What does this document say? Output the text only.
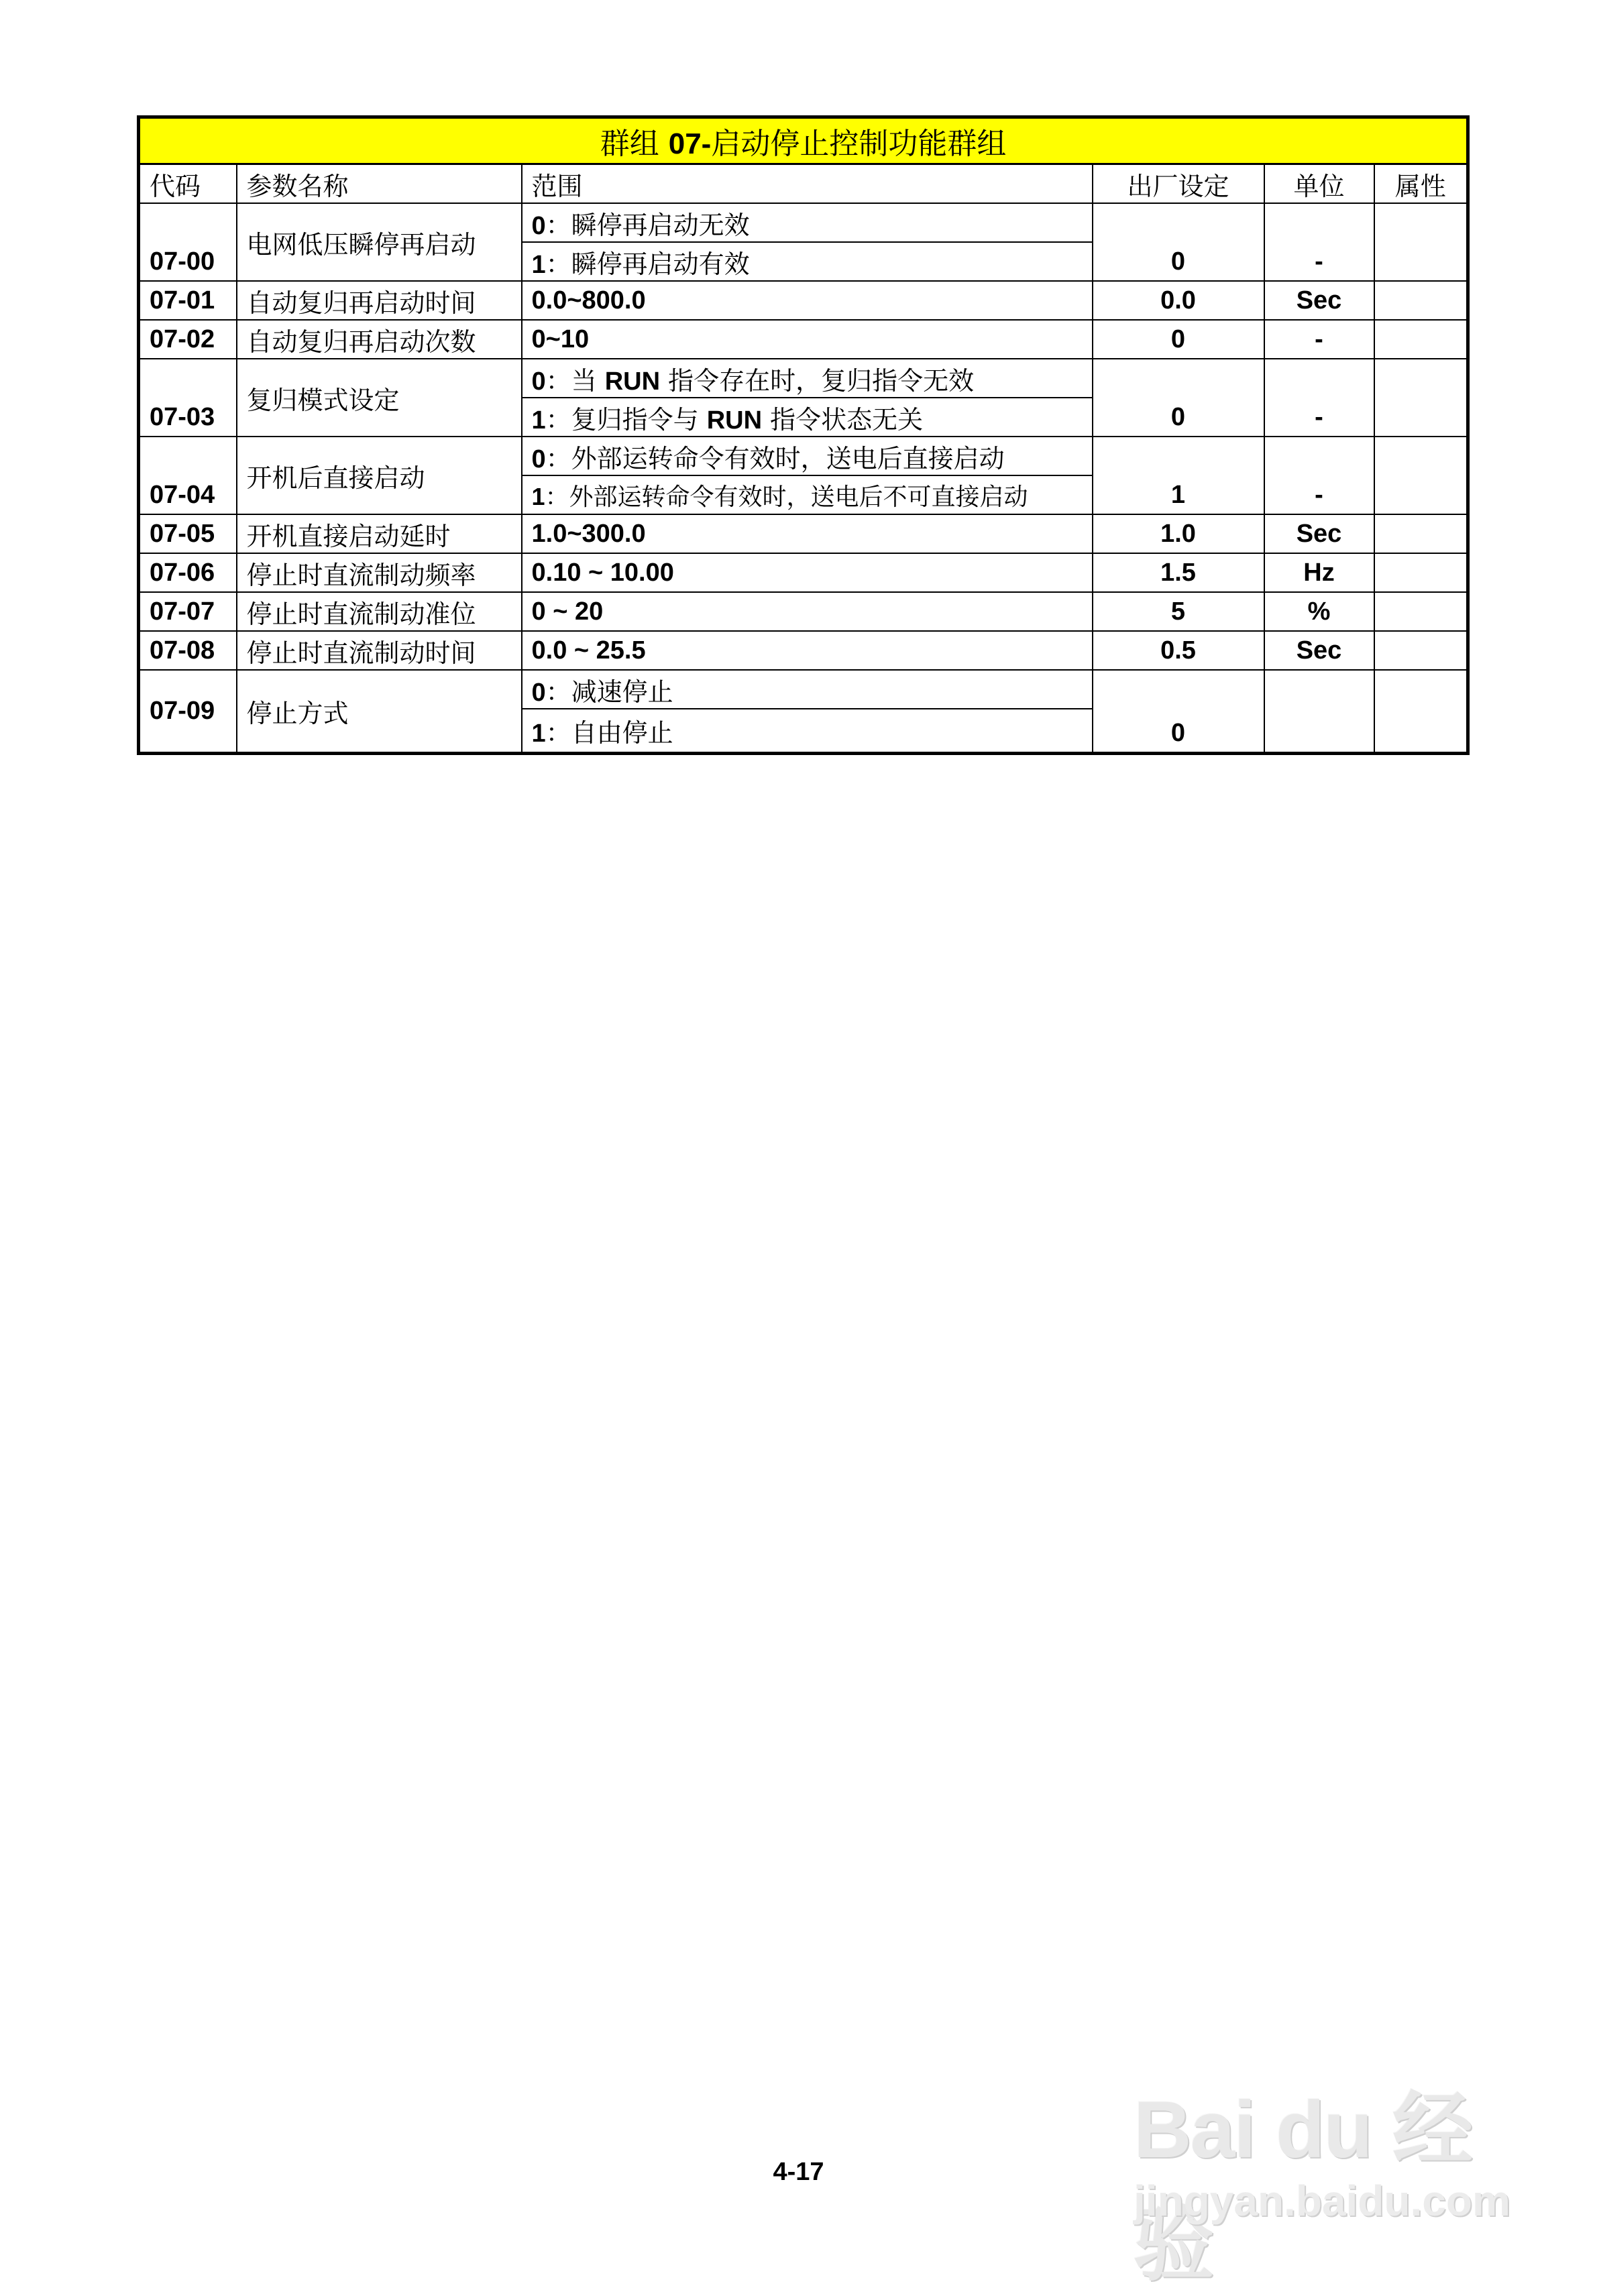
群组 07-启动停止控制功能群组					
代码	参数名称	范围	出厂设定	单位	属性
07-00	电网低压瞬停再启动	0：瞬停再启动无效	0	-	
		1：瞬停再启动有效			
07-01	自动复归再启动时间	0.0~800.0	0.0	Sec	
07-02	自动复归再启动次数	0~10	0	-	
07-03	复归模式设定	0：当 RUN 指令存在时，复归指令无效	0	-	
		1：复归指令与 RUN 指令状态无关			
07-04	开机后直接启动	0：外部运转命令有效时，送电后直接启动	1	-	
		1：外部运转命令有效时，送电后不可直接启动			
07-05	开机直接启动延时	1.0~300.0	1.0	Sec	
07-06	停止时直流制动频率	0.10 ~ 10.00	1.5	Hz	
07-07	停止时直流制动准位	0 ~ 20	5	%	
07-08	停止时直流制动时间	0.0 ~ 25.5	0.5	Sec	
07-09	停止方式	0：减速停止	0		
		1：自由停止			
Bai du 经验
jingyan.baidu.com
4-17
